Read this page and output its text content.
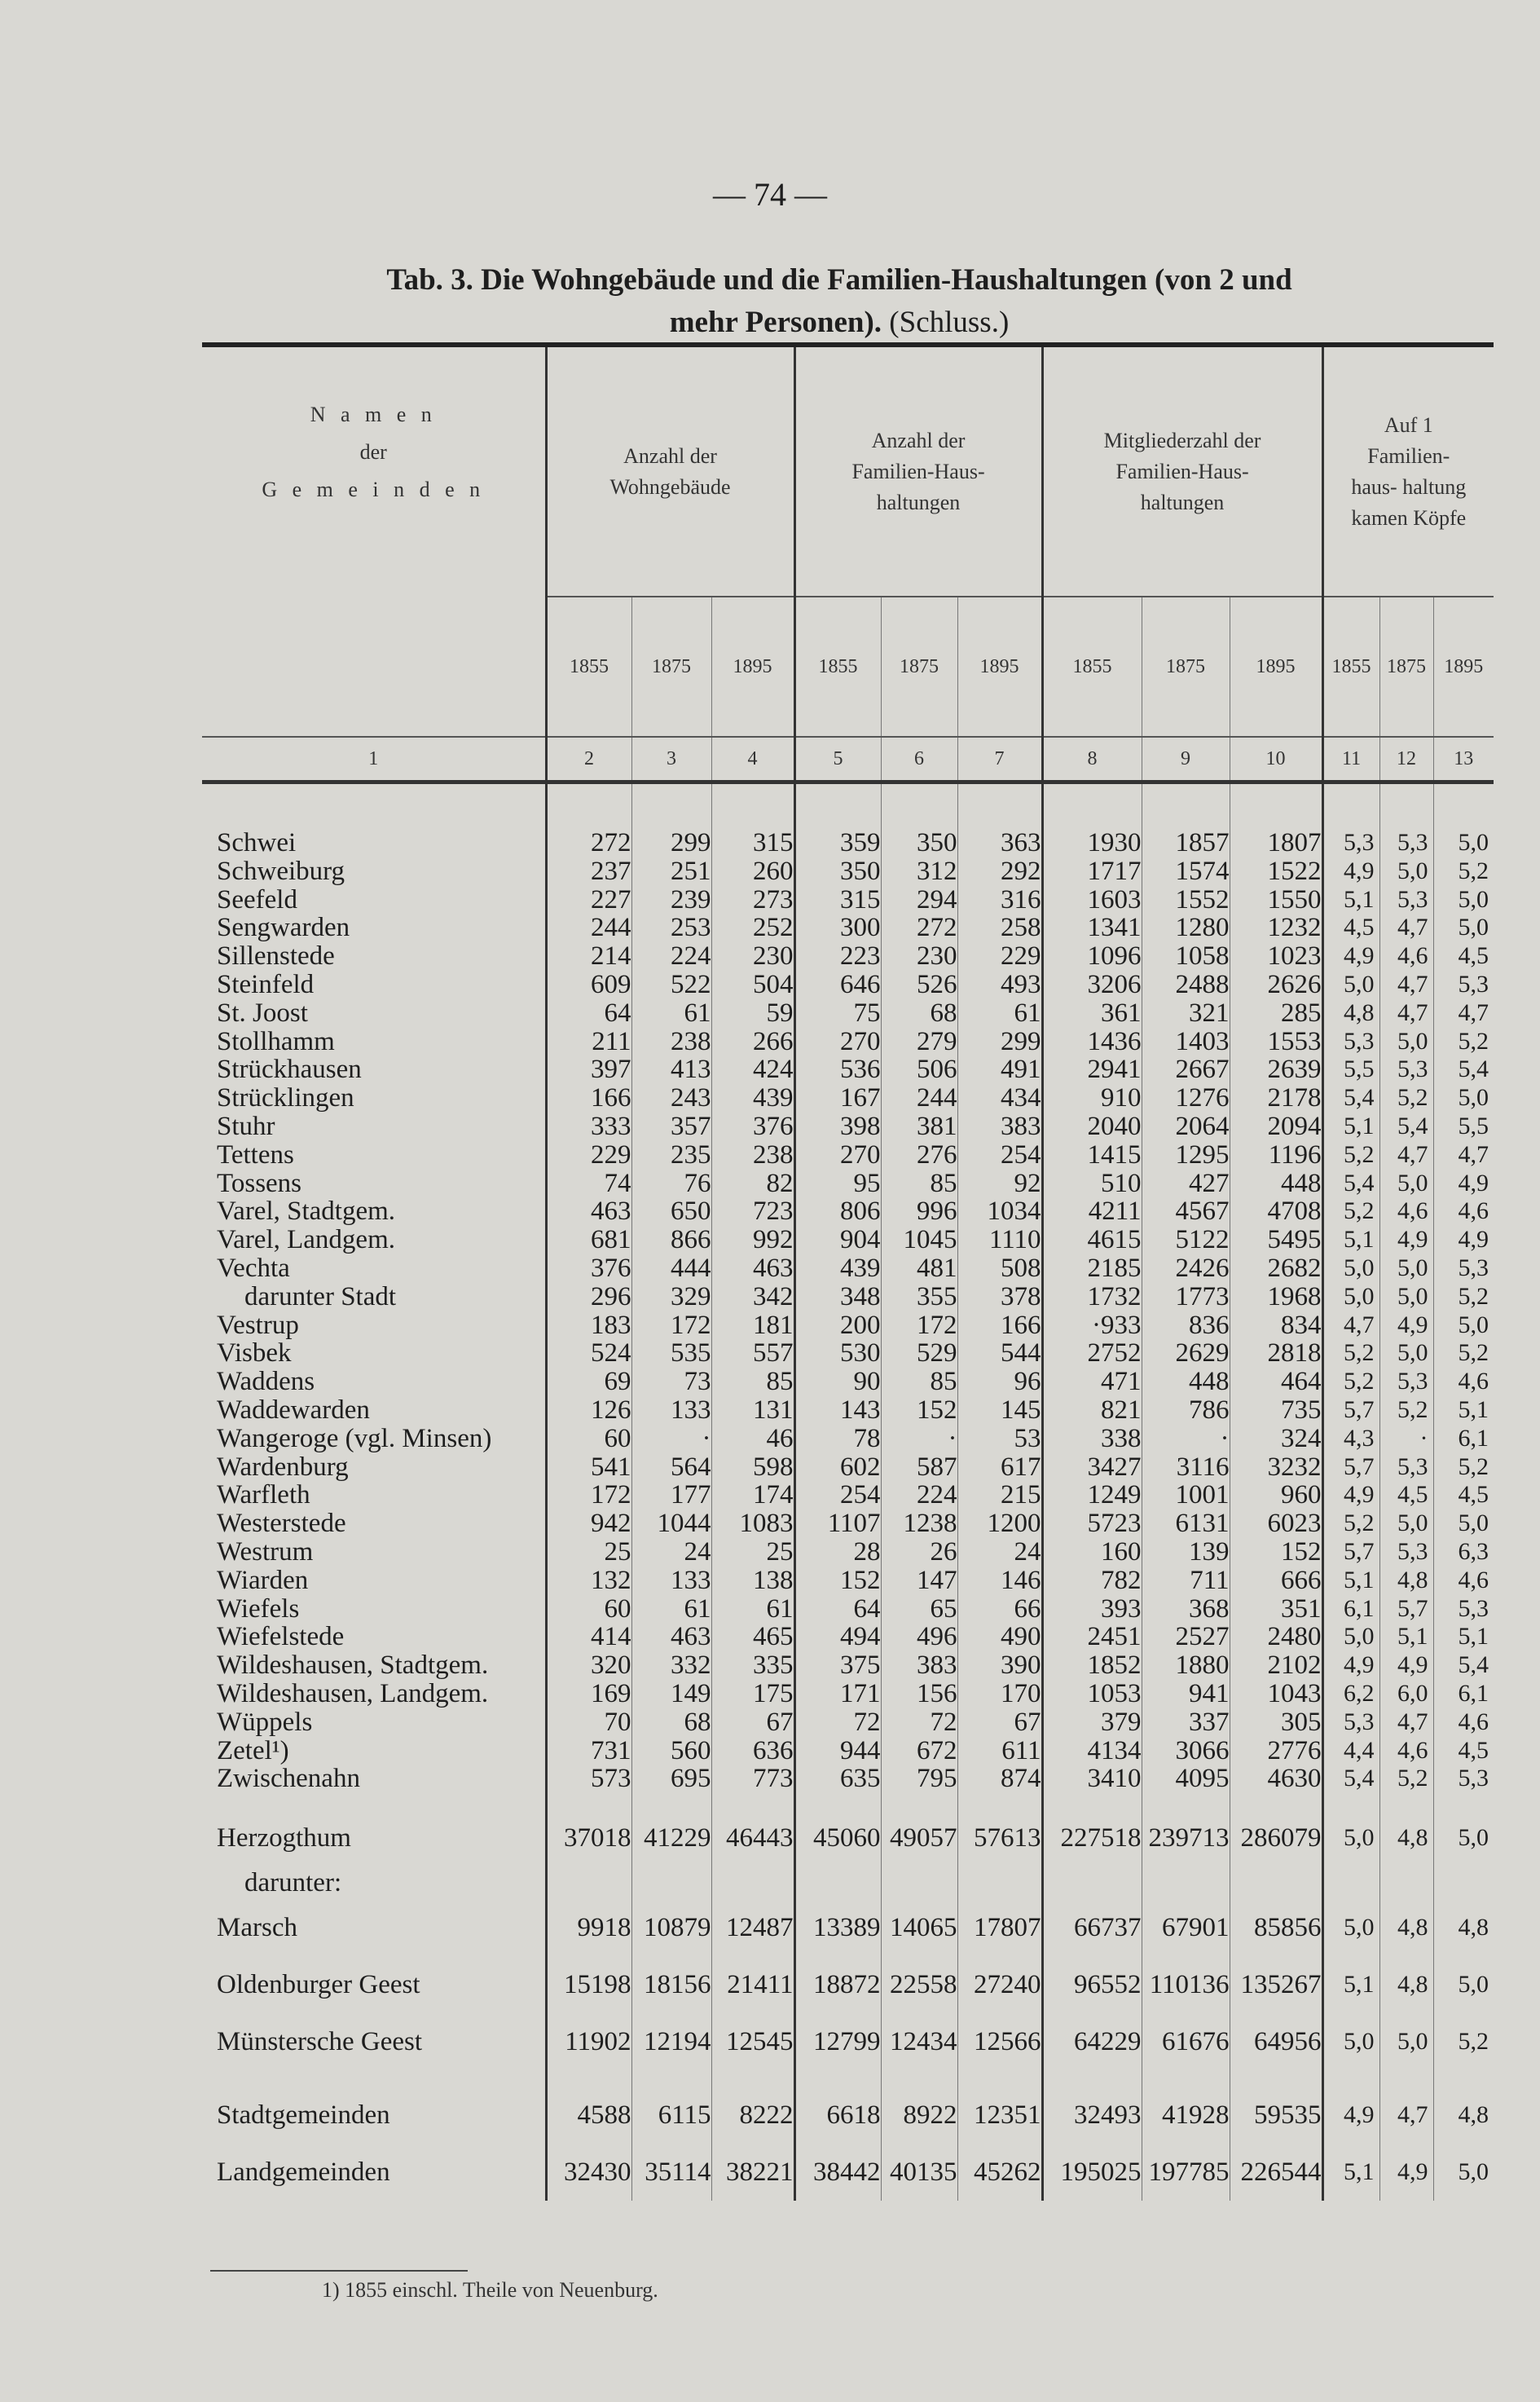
— 74 —
Tab. 3. Die Wohngebäude und die Familien-Haushaltungen (von 2 und
mehr Personen). (Schluss.)
N a m e n
der
G e m e i n d e n	Anzahl der Wohngebäude			Anzahl der Familien-Haus- haltungen			Mitgliederzahl der Familien-Haus- haltungen			Auf 1 Familien- haus- haltung kamen Köpfe		

	1855	1875	1895	1855	1875	1895	1855	1875	1895	1855	1875	1895
1	2	3	4	5	6	7	8	9	10	11	12	13

Schwei	272	299	315	359	350	363	1930	1857	1807	5,3	5,3	5,0
Schweiburg	237	251	260	350	312	292	1717	1574	1522	4,9	5,0	5,2
Seefeld	227	239	273	315	294	316	1603	1552	1550	5,1	5,3	5,0
Sengwarden	244	253	252	300	272	258	1341	1280	1232	4,5	4,7	5,0
Sillenstede	214	224	230	223	230	229	1096	1058	1023	4,9	4,6	4,5
Steinfeld	609	522	504	646	526	493	3206	2488	2626	5,0	4,7	5,3
St. Joost	64	61	59	75	68	61	361	321	285	4,8	4,7	4,7
Stollhamm	211	238	266	270	279	299	1436	1403	1553	5,3	5,0	5,2
Strückhausen	397	413	424	536	506	491	2941	2667	2639	5,5	5,3	5,4
Strücklingen	166	243	439	167	244	434	910	1276	2178	5,4	5,2	5,0
Stuhr	333	357	376	398	381	383	2040	2064	2094	5,1	5,4	5,5
Tettens	229	235	238	270	276	254	1415	1295	1196	5,2	4,7	4,7
Tossens	74	76	82	95	85	92	510	427	448	5,4	5,0	4,9
Varel, Stadtgem.	463	650	723	806	996	1034	4211	4567	4708	5,2	4,6	4,6
Varel, Landgem.	681	866	992	904	1045	1110	4615	5122	5495	5,1	4,9	4,9
Vechta	376	444	463	439	481	508	2185	2426	2682	5,0	5,0	5,3
darunter Stadt	296	329	342	348	355	378	1732	1773	1968	5,0	5,0	5,2
Vestrup	183	172	181	200	172	166	·933	836	834	4,7	4,9	5,0
Visbek	524	535	557	530	529	544	2752	2629	2818	5,2	5,0	5,2
Waddens	69	73	85	90	85	96	471	448	464	5,2	5,3	4,6
Waddewarden	126	133	131	143	152	145	821	786	735	5,7	5,2	5,1
Wangeroge (vgl. Minsen)	60	·	46	78	·	53	338	·	324	4,3	·	6,1
Wardenburg	541	564	598	602	587	617	3427	3116	3232	5,7	5,3	5,2
Warfleth	172	177	174	254	224	215	1249	1001	960	4,9	4,5	4,5
Westerstede	942	1044	1083	1107	1238	1200	5723	6131	6023	5,2	5,0	5,0
Westrum	25	24	25	28	26	24	160	139	152	5,7	5,3	6,3
Wiarden	132	133	138	152	147	146	782	711	666	5,1	4,8	4,6
Wiefels	60	61	61	64	65	66	393	368	351	6,1	5,7	5,3
Wiefelstede	414	463	465	494	496	490	2451	2527	2480	5,0	5,1	5,1
Wildeshausen, Stadtgem.	320	332	335	375	383	390	1852	1880	2102	4,9	4,9	5,4
Wildeshausen, Landgem.	169	149	175	171	156	170	1053	941	1043	6,2	6,0	6,1
Wüppels	70	68	67	72	72	67	379	337	305	5,3	4,7	4,6
Zetel¹)	731	560	636	944	672	611	4134	3066	2776	4,4	4,6	4,5
Zwischenahn	573	695	773	635	795	874	3410	4095	4630	5,4	5,2	5,3

Herzogthum	37018	41229	46443	45060	49057	57613	227518	239713	286079	5,0	4,8	5,0
darunter:												
Marsch	9918	10879	12487	13389	14065	17807	66737	67901	85856	5,0	4,8	4,8
Oldenburger Geest	15198	18156	21411	18872	22558	27240	96552	110136	135267	5,1	4,8	5,0
Münstersche Geest	11902	12194	12545	12799	12434	12566	64229	61676	64956	5,0	5,0	5,2

Stadtgemeinden	4588	6115	8222	6618	8922	12351	32493	41928	59535	4,9	4,7	4,8
Landgemeinden	32430	35114	38221	38442	40135	45262	195025	197785	226544	5,1	4,9	5,0
1) 1855 einschl. Theile von Neuenburg.
